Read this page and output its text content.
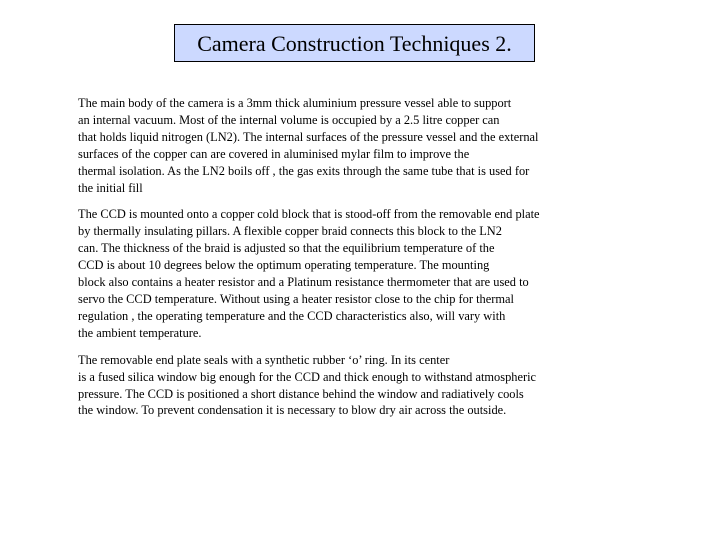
Camera Construction Techniques 2.

The main body of the camera is a 3mm thick aluminium pressure vessel able to support
an internal vacuum. Most of the internal volume is occupied by a 2.5 litre copper can
that holds liquid nitrogen (LN2). The internal surfaces of the pressure vessel and the external
surfaces of the copper can are covered in aluminised mylar film to improve the
thermal isolation. As the LN2 boils off , the gas exits through the same tube that is used for
the initial fill

The CCD is mounted onto a copper cold block that is stood-off from the removable end plate
by thermally insulating pillars. A flexible copper braid connects this block to the LN2
can. The thickness of the braid is adjusted so that the equilibrium temperature of the
CCD is about 10 degrees below the optimum operating temperature. The mounting
block also contains a heater resistor and a Platinum resistance thermometer that are used to
servo the CCD temperature. Without using a heater resistor close to the chip for thermal
regulation , the operating temperature and the CCD characteristics also, will vary with
the ambient temperature.

The removable end plate seals with a synthetic rubber ‘o’ ring. In its center
is a fused silica window big enough for the CCD and thick enough to withstand atmospheric
pressure. The CCD is positioned a short distance behind the window and radiatively cools
the window. To prevent condensation it is necessary to blow dry air across the outside.
